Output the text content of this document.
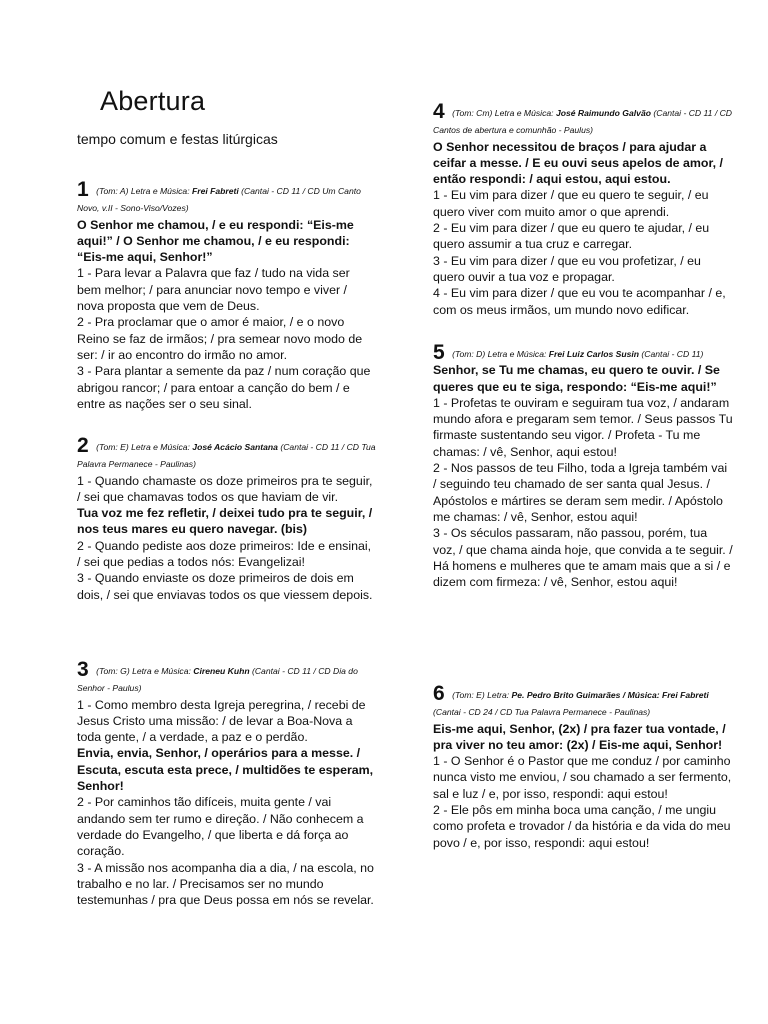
Abertura
tempo comum e festas litúrgicas
1 (Tom: A) Letra e Música: Frei Fabreti (Cantai - CD 11 / CD Um Canto Novo, v.II - Sono-Viso/Vozes)
O Senhor me chamou, / e eu respondi: “Eis-me aqui!” / O Senhor me chamou, / e eu respondi: “Eis-me aqui, Senhor!”
1 - Para levar a Palavra que faz / tudo na vida ser bem melhor; / para anunciar novo tempo e viver / nova proposta que vem de Deus.
2 - Pra proclamar que o amor é maior, / e o novo Reino se faz de irmãos; / pra semear novo modo de ser: / ir ao encontro do irmão no amor.
3 - Para plantar a semente da paz / num coração que abrigou rancor; / para entoar a canção do bem / e entre as nações ser o seu sinal.
2 (Tom: E) Letra e Música: José Acácio Santana (Cantai - CD 11 / CD Tua Palavra Permanece - Paulinas)
1 - Quando chamaste os doze primeiros pra te seguir, / sei que chamavas todos os que haviam de vir.
Tua voz me fez refletir, / deixei tudo pra te seguir, / nos teus mares eu quero navegar. (bis)
2 - Quando pediste aos doze primeiros: Ide e ensinai, / sei que pedias a todos nós: Evangelizai!
3 - Quando enviaste os doze primeiros de dois em dois, / sei que enviavas todos os que viessem depois.
3 (Tom: G) Letra e Música: Cireneu Kuhn (Cantai - CD 11 / CD Dia do Senhor - Paulus)
1 - Como membro desta Igreja peregrina, / recebi de Jesus Cristo uma missão: / de levar a Boa-Nova a toda gente, / a verdade, a paz e o perdão.
Envia, envia, Senhor, / operários para a messe. / Escuta, escuta esta prece, / multidões te esperam, Senhor!
2 - Por caminhos tão difíceis, muita gente / vai andando sem ter rumo e direção. / Não conhecem a verdade do Evangelho, / que liberta e dá força ao coração.
3 - A missão nos acompanha dia a dia, / na escola, no trabalho e no lar. / Precisamos ser no mundo testemunhas / pra que Deus possa em nós se revelar.
4 (Tom: Cm) Letra e Música: José Raimundo Galvão (Cantai - CD 11 / CD Cantos de abertura e comunhão - Paulus)
O Senhor necessitou de braços / para ajudar a ceifar a messe. / E eu ouvi seus apelos de amor, / então respondi: / aqui estou, aqui estou.
1 - Eu vim para dizer / que eu quero te seguir, / eu quero viver com muito amor o que aprendi.
2 - Eu vim para dizer / que eu quero te ajudar, / eu quero assumir a tua cruz e carregar.
3 - Eu vim para dizer / que eu vou profetizar, / eu quero ouvir a tua voz e propagar.
4 - Eu vim para dizer / que eu vou te acompanhar / e, com os meus irmãos, um mundo novo edificar.
5 (Tom: D) Letra e Música: Frei Luiz Carlos Susin (Cantai - CD 11)
Senhor, se Tu me chamas, eu quero te ouvir. / Se queres que eu te siga, respondo: “Eis-me aqui!”
1 - Profetas te ouviram e seguiram tua voz, / andaram mundo afora e pregaram sem temor. / Seus passos Tu firmaste sustentando seu vigor. / Profeta - Tu me chamas: / vê, Senhor, aqui estou!
2 - Nos passos de teu Filho, toda a Igreja também vai / seguindo teu chamado de ser santa qual Jesus. / Apóstolos e mártires se deram sem medir. / Apóstolo me chamas: / vê, Senhor, estou aqui!
3 - Os séculos passaram, não passou, porém, tua voz, / que chama ainda hoje, que convida a te seguir. / Há homens e mulheres que te amam mais que a si / e dizem com firmeza: / vê, Senhor, estou aqui!
6 (Tom: E) Letra: Pe. Pedro Brito Guimarães / Música: Frei Fabreti (Cantai - CD 24 / CD Tua Palavra Permanece - Paulinas)
Eis-me aqui, Senhor, (2x) / pra fazer tua vontade, / pra viver no teu amor: (2x) / Eis-me aqui, Senhor!
1 - O Senhor é o Pastor que me conduz / por caminho nunca visto me enviou, / sou chamado a ser fermento, sal e luz / e, por isso, respondi: aqui estou!
2 - Ele pôs em minha boca uma canção, / me ungiu como profeta e trovador / da história e da vida do meu povo / e, por isso, respondi: aqui estou!
